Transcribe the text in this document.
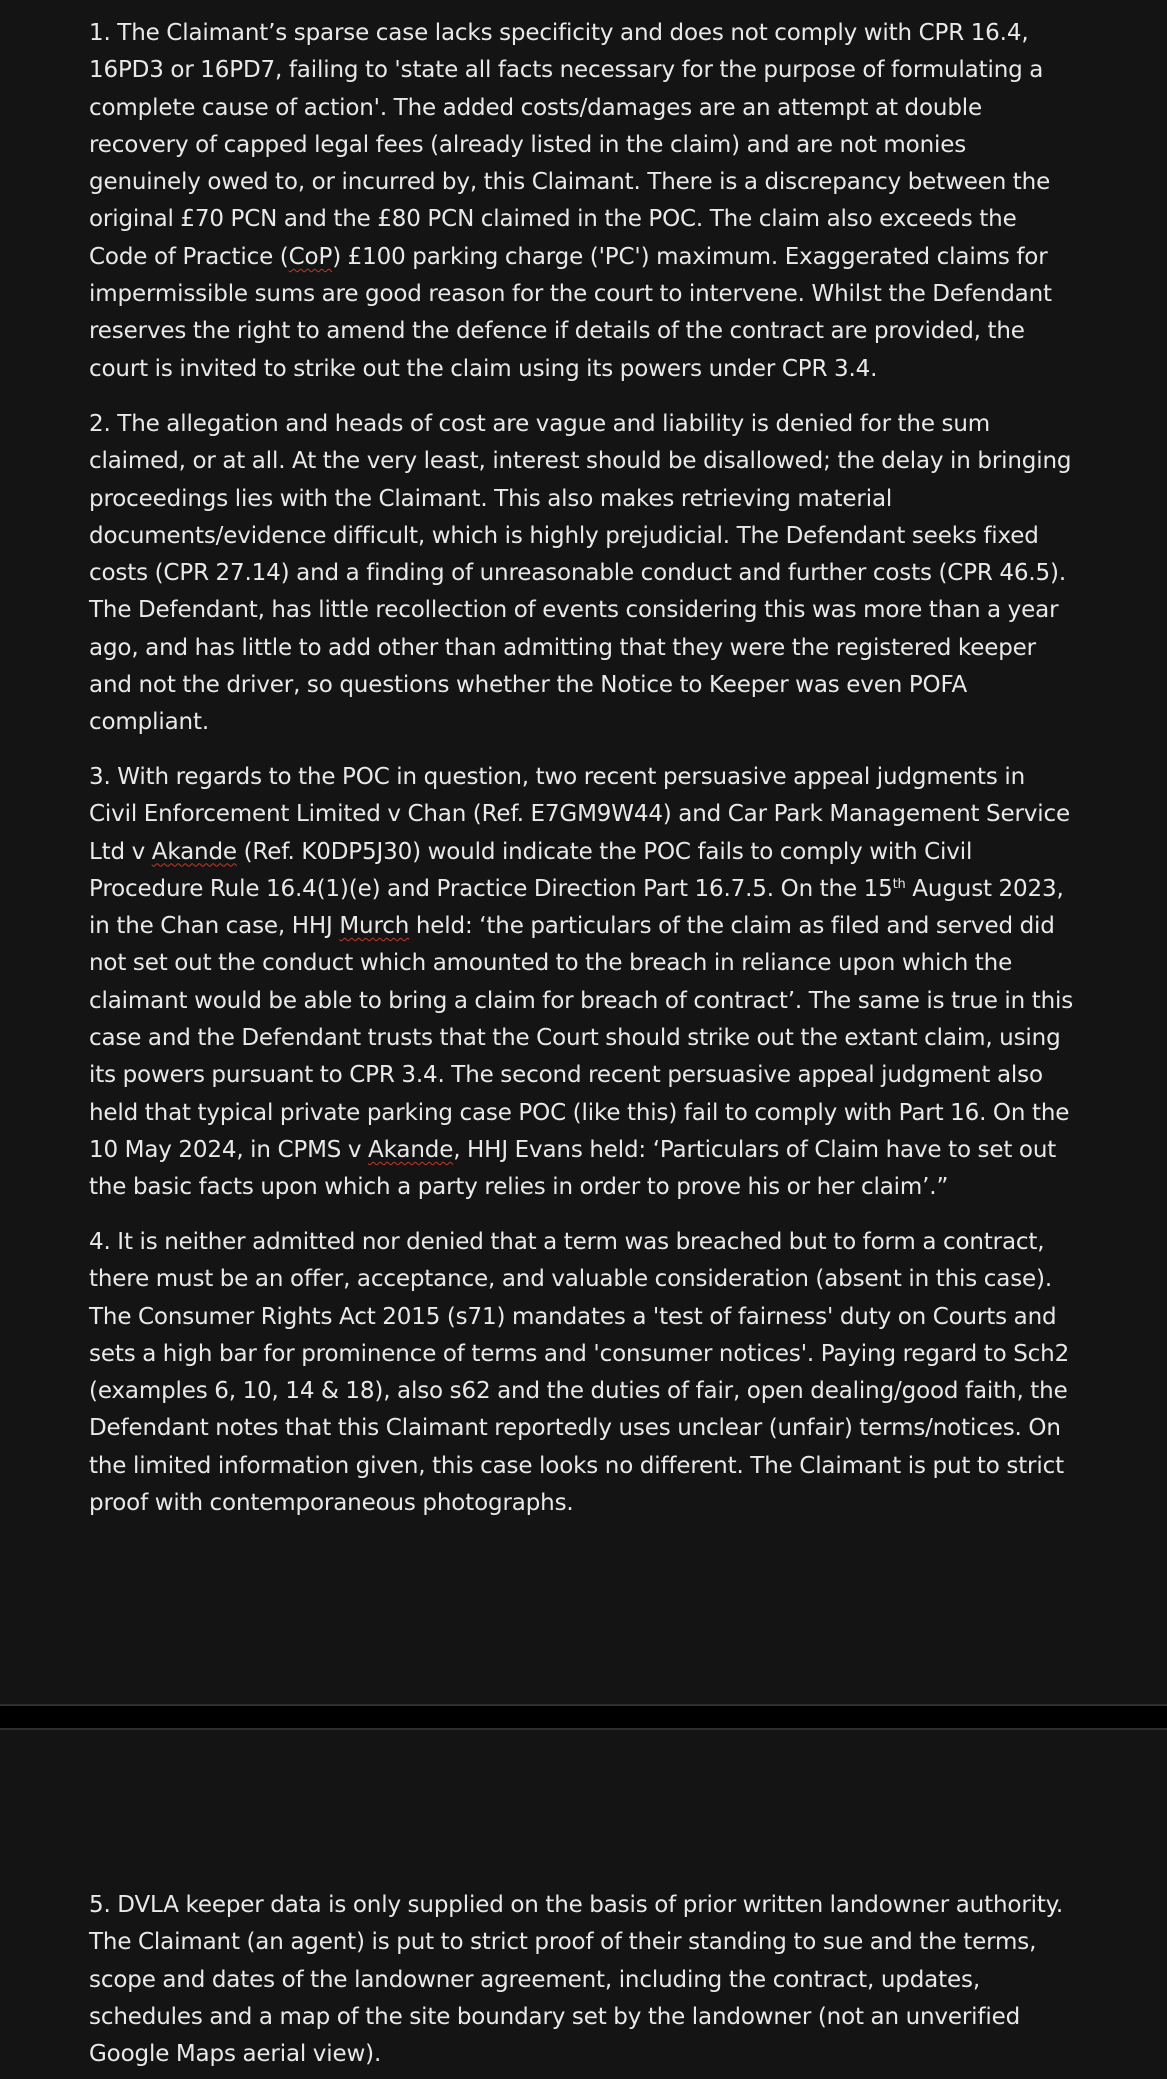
1. The Claimant’s sparse case lacks specificity and does not comply with CPR 16.4, 16PD3 or 16PD7, failing to 'state all facts necessary for the purpose of formulating a complete cause of action'. The added costs/damages are an attempt at double recovery of capped legal fees (already listed in the claim) and are not monies genuinely owed to, or incurred by, this Claimant. There is a discrepancy between the original £70 PCN and the £80 PCN claimed in the POC. The claim also exceeds the Code of Practice (CoP) £100 parking charge ('PC') maximum. Exaggerated claims for impermissible sums are good reason for the court to intervene. Whilst the Defendant reserves the right to amend the defence if details of the contract are provided, the court is invited to strike out the claim using its powers under CPR 3.4.

2. The allegation and heads of cost are vague and liability is denied for the sum claimed, or at all. At the very least, interest should be disallowed; the delay in bringing proceedings lies with the Claimant. This also makes retrieving material documents/evidence difficult, which is highly prejudicial. The Defendant seeks fixed costs (CPR 27.14) and a finding of unreasonable conduct and further costs (CPR 46.5). The Defendant, has little recollection of events considering this was more than a year ago, and has little to add other than admitting that they were the registered keeper and not the driver, so questions whether the Notice to Keeper was even POFA compliant.

3. With regards to the POC in question, two recent persuasive appeal judgments in Civil Enforcement Limited v Chan (Ref. E7GM9W44) and Car Park Management Service Ltd v Akande (Ref. K0DP5J30) would indicate the POC fails to comply with Civil Procedure Rule 16.4(1)(e) and Practice Direction Part 16.7.5. On the 15th August 2023, in the Chan case, HHJ Murch held: ‘the particulars of the claim as filed and served did not set out the conduct which amounted to the breach in reliance upon which the claimant would be able to bring a claim for breach of contract’. The same is true in this case and the Defendant trusts that the Court should strike out the extant claim, using its powers pursuant to CPR 3.4. The second recent persuasive appeal judgment also held that typical private parking case POC (like this) fail to comply with Part 16. On the 10 May 2024, in CPMS v Akande, HHJ Evans held: ‘Particulars of Claim have to set out the basic facts upon which a party relies in order to prove his or her claim’.”

4. It is neither admitted nor denied that a term was breached but to form a contract, there must be an offer, acceptance, and valuable consideration (absent in this case). The Consumer Rights Act 2015 (s71) mandates a 'test of fairness' duty on Courts and sets a high bar for prominence of terms and 'consumer notices'. Paying regard to Sch2 (examples 6, 10, 14 & 18), also s62 and the duties of fair, open dealing/good faith, the Defendant notes that this Claimant reportedly uses unclear (unfair) terms/notices. On the limited information given, this case looks no different. The Claimant is put to strict proof with contemporaneous photographs.

5. DVLA keeper data is only supplied on the basis of prior written landowner authority. The Claimant (an agent) is put to strict proof of their standing to sue and the terms, scope and dates of the landowner agreement, including the contract, updates, schedules and a map of the site boundary set by the landowner (not an unverified Google Maps aerial view).
